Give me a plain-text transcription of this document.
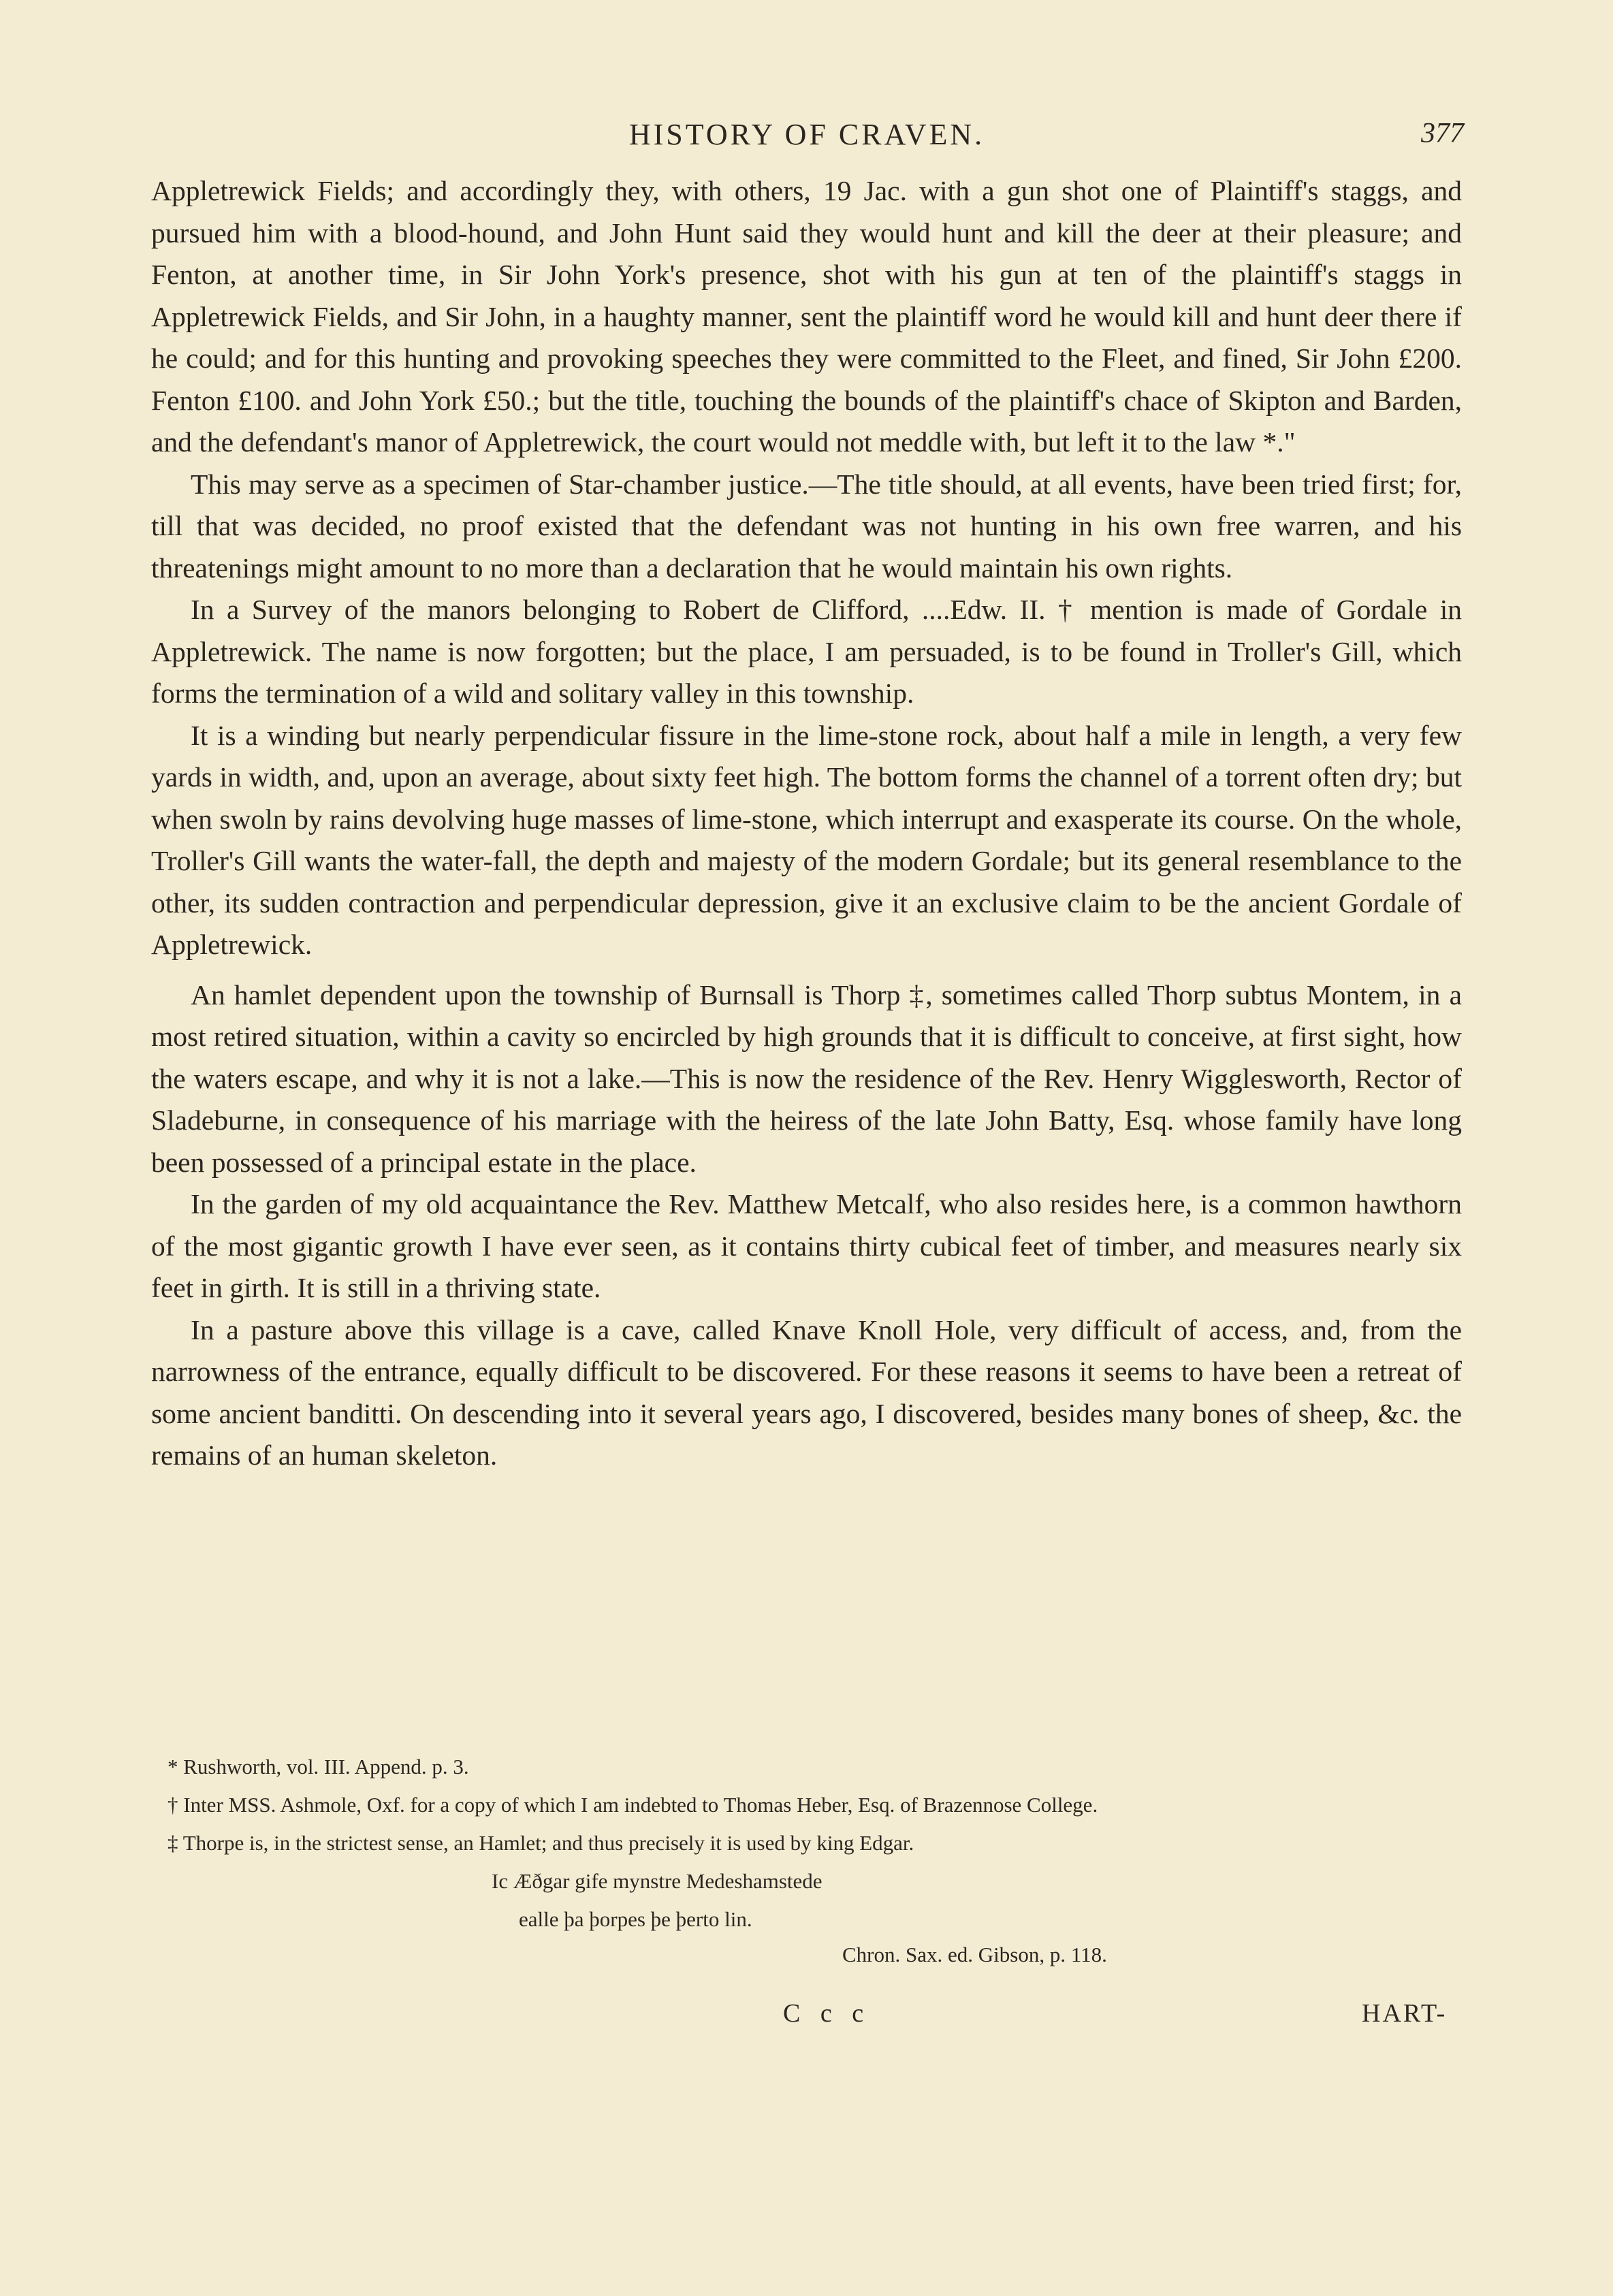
HISTORY OF CRAVEN.	377

Appletrewick Fields; and accordingly they, with others, 19 Jac. with a gun shot one of Plaintiff's staggs, and pursued him with a blood-hound, and John Hunt said they would hunt and kill the deer at their pleasure; and Fenton, at another time, in Sir John York's presence, shot with his gun at ten of the plaintiff's staggs in Appletrewick Fields, and Sir John, in a haughty manner, sent the plaintiff word he would kill and hunt deer there if he could; and for this hunting and provoking speeches they were committed to the Fleet, and fined, Sir John £200. Fenton £100. and John York £50.; but the title, touching the bounds of the plaintiff's chace of Skipton and Barden, and the defendant's manor of Appletrewick, the court would not meddle with, but left it to the law *."

This may serve as a specimen of Star-chamber justice.—The title should, at all events, have been tried first; for, till that was decided, no proof existed that the defendant was not hunting in his own free warren, and his threatenings might amount to no more than a declaration that he would maintain his own rights.

In a Survey of the manors belonging to Robert de Clifford, ....Edw. II. † mention is made of Gordale in Appletrewick. The name is now forgotten; but the place, I am persuaded, is to be found in Troller's Gill, which forms the termination of a wild and solitary valley in this township.

It is a winding but nearly perpendicular fissure in the lime-stone rock, about half a mile in length, a very few yards in width, and, upon an average, about sixty feet high. The bottom forms the channel of a torrent often dry; but when swoln by rains devolving huge masses of lime-stone, which interrupt and exasperate its course. On the whole, Troller's Gill wants the water-fall, the depth and majesty of the modern Gordale; but its general resemblance to the other, its sudden contraction and perpendicular depression, give it an exclusive claim to be the ancient Gordale of Appletrewick.

An hamlet dependent upon the township of Burnsall is Thorp ‡, sometimes called Thorp subtus Montem, in a most retired situation, within a cavity so encircled by high grounds that it is difficult to conceive, at first sight, how the waters escape, and why it is not a lake.—This is now the residence of the Rev. Henry Wigglesworth, Rector of Sladeburne, in consequence of his marriage with the heiress of the late John Batty, Esq. whose family have long been possessed of a principal estate in the place.

In the garden of my old acquaintance the Rev. Matthew Metcalf, who also resides here, is a common hawthorn of the most gigantic growth I have ever seen, as it contains thirty cubical feet of timber, and measures nearly six feet in girth. It is still in a thriving state.

In a pasture above this village is a cave, called Knave Knoll Hole, very difficult of access, and, from the narrowness of the entrance, equally difficult to be discovered. For these reasons it seems to have been a retreat of some ancient banditti. On descending into it several years ago, I discovered, besides many bones of sheep, &c. the remains of an human skeleton.

* Rushworth, vol. III. Append. p. 3.

† Inter MSS. Ashmole, Oxf. for a copy of which I am indebted to Thomas Heber, Esq. of Brazennose College.

‡ Thorpe is, in the strictest sense, an Hamlet; and thus precisely it is used by king Edgar.

Ic Æðgar gife mynstre Medeshamstede

ealle þa þorpes þe þerto lin.

Chron. Sax. ed. Gibson, p. 118.

C c c	HART-
